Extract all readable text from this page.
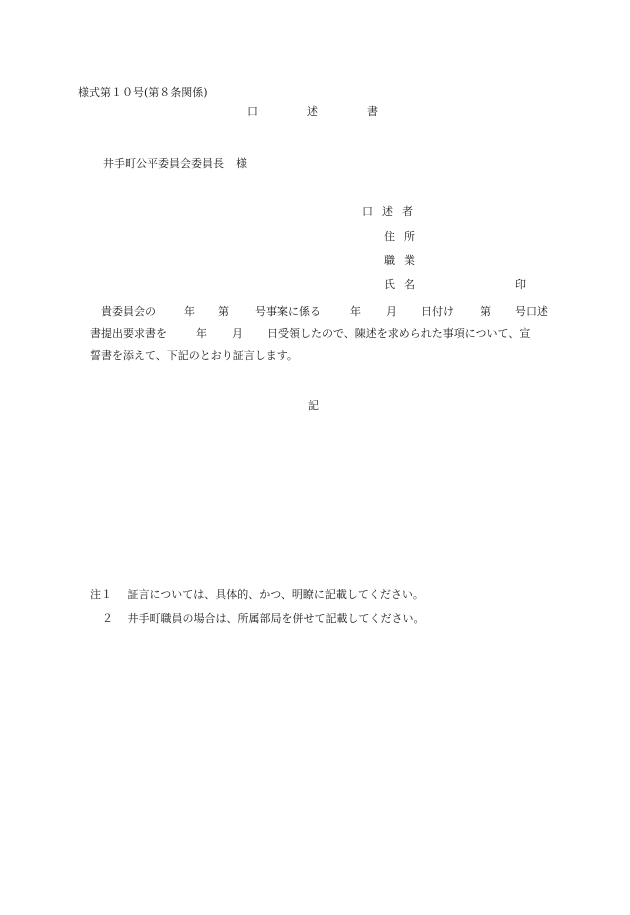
様式第１０号(第８条関係)
口	述	書
井手町公平委員会委員長 様
口述者
住所
職業
氏名	印
貴委員会の	年 第 号事案に係る	年 月 日付け 第 号口述
書提出要求書を	年 月 日受領したので、陳述を求められた事項について、宣
誓書を添えて、下記のとおり証言します。
記
注１ 証言については、具体的、かつ、明瞭に記載してください。
２ 井手町職員の場合は、所属部局を併せて記載してください。
